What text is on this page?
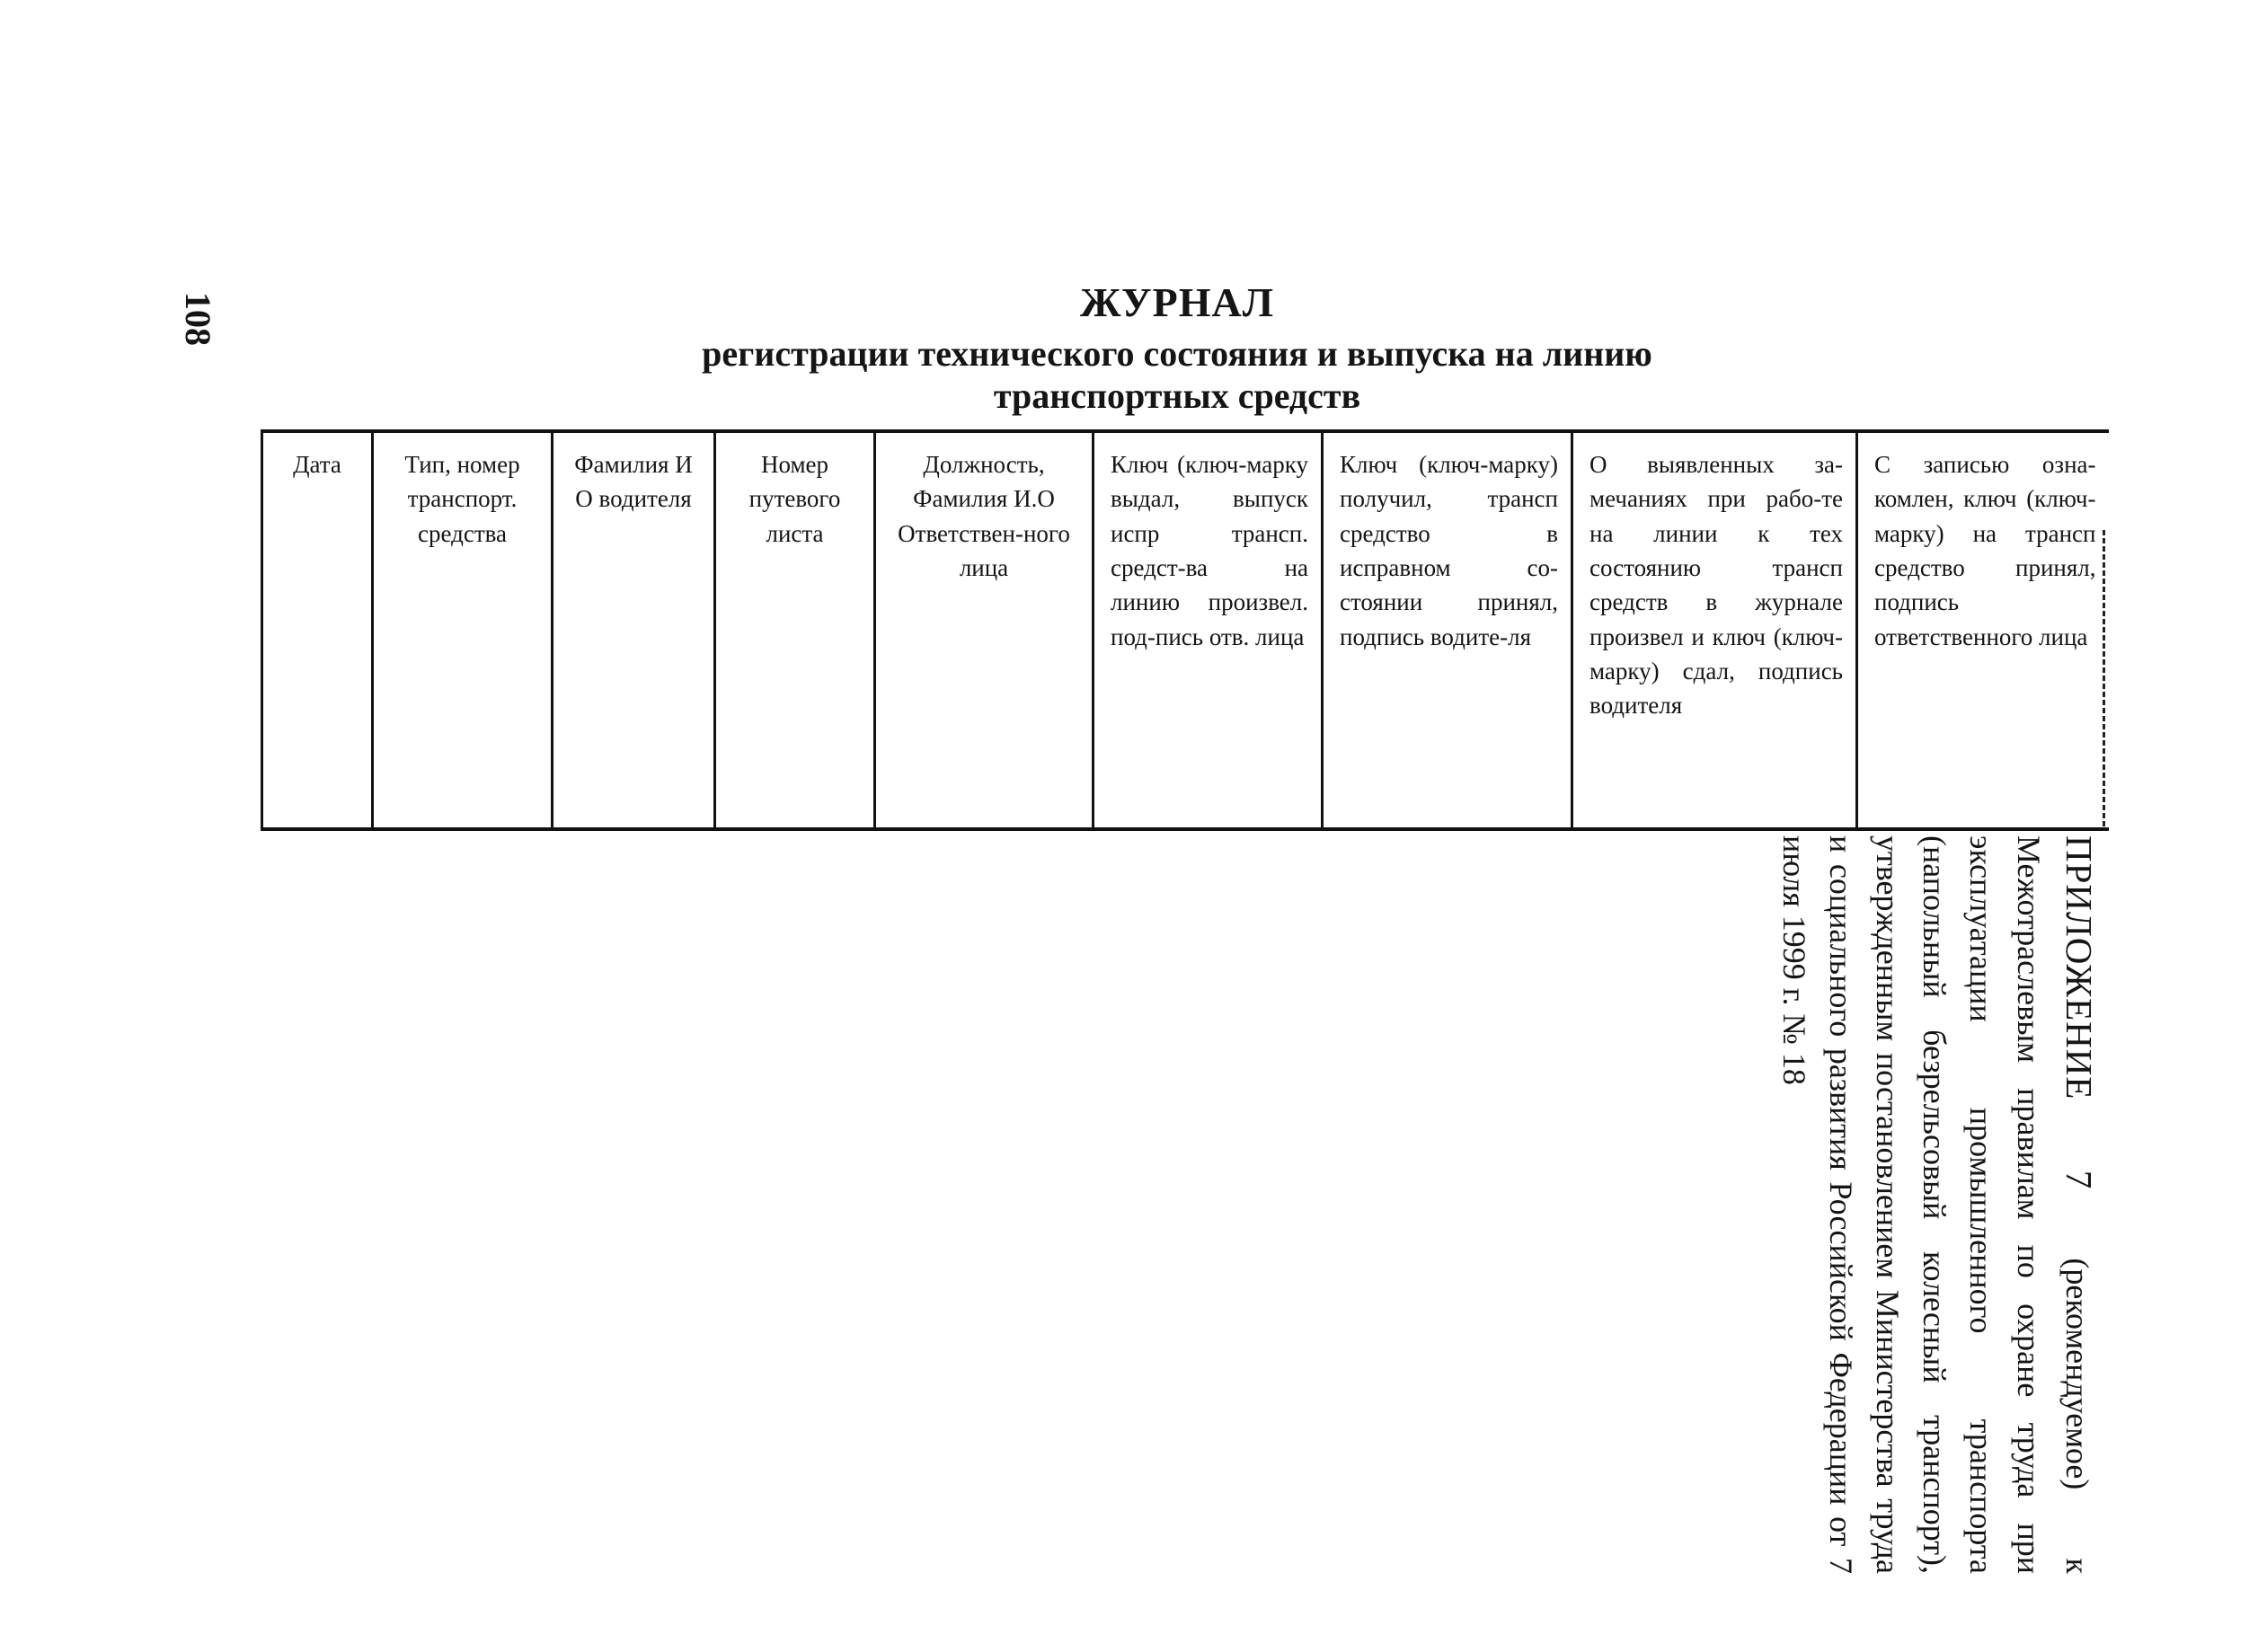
108	ЖУРНАЛ
регистрации технического состояния и выпуска на линию
транспортных средств
Дата	Тип, номер транспорт. средства	Фамилия И О водителя	Номер путевого листа	Должность, Фамилия И.О Ответствен-ного лица	Ключ (ключ-марку выдал, выпуск испр трансп. средст-ва на линию произвел. под-пись отв. лица	Ключ (ключ-марку) получил, трансп средство в исправном со-стоянии принял, подпись водите-ля	О выявленных за-мечаниях при рабо-те на линии к тех состоянию трансп средств в журнале произвел и ключ (ключ-марку) сдал, подпись водителя	С записью озна-комлен, ключ (ключ-марку) на трансп средство принял, подпись ответственного лица
ПРИЛОЖЕНИЕ 7 (рекомендуемое) к Межотраслевым правилам по охране труда при эксплуатации промышленного транспорта (напольный безрельсовый колесный транспорт), утвержденным постановлением Министерства труда и социального развития Российской Федерации от 7 июля 1999 г. № 18
